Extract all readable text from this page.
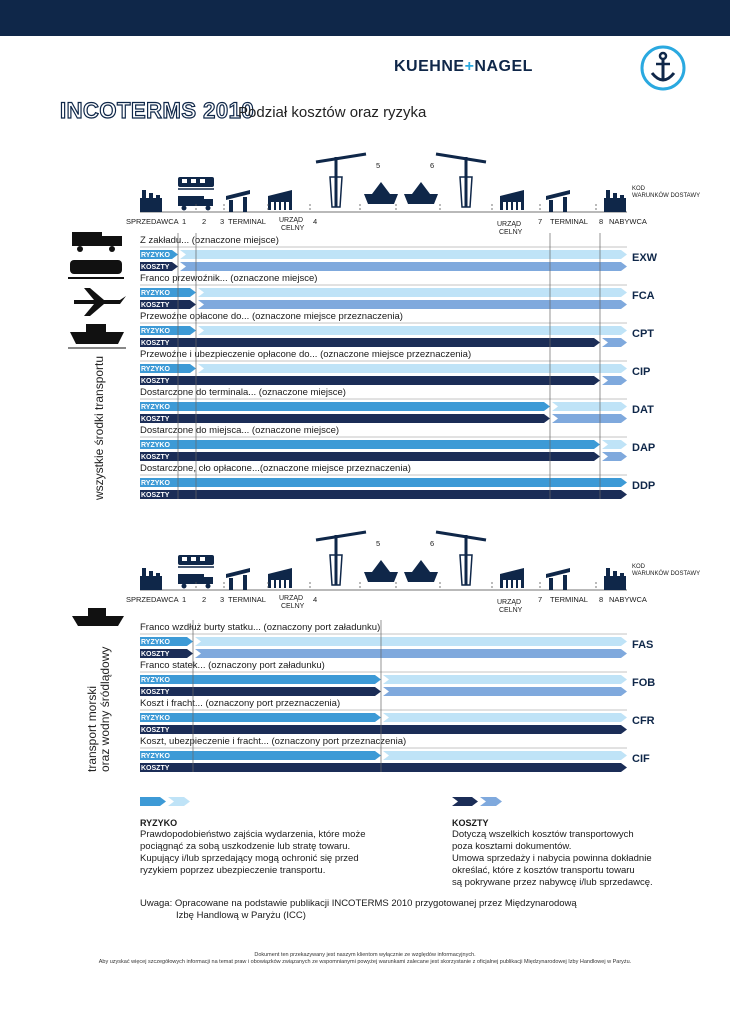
KUEHNE+NAGEL
INCOTERMS 2010
Podział kosztów oraz ryzyka
SPRZEDAWCA 1 2 3 TERMINAL URZĄD
CELNY
4
5	6
URZĄD
CELNY
7 TERMINAL 8 NABYWCA
KOD
WARUNKÓW DOSTAWY
Z zakładu... (oznaczone miejsce)
RYZYKO
KOSZTY
EXW
Franco przewoźnik... (oznaczone miejsce)
RYZYKO
KOSZTY
FCA
Przewoźne opłacone do... (oznaczone miejsce przeznaczenia)
RYZYKO
KOSZTY
CPT
Przewoźne i ubezpieczenie opłacone do... (oznaczone miejsce przeznaczenia)
RYZYKO
KOSZTY
CIP
Dostarczone do terminala... (oznaczone miejsce)
RYZYKO
KOSZTY
DAT
Dostarczone do miejsca... (oznaczone miejsce)
RYZYKO
KOSZTY
DAP
Dostarczone, cło opłacone...(oznaczone miejsce przeznaczenia)
RYZYKO
KOSZTY
DDP
SPRZEDAWCA 1 2 3 TERMINAL URZĄD
CELNY
4
5	6
URZĄD
CELNY
7 TERMINAL 8 NABYWCA
KOD
WARUNKÓW DOSTAWY
Franco wzdłuż burty statku... (oznaczony port załadunku)
RYZYKO
KOSZTY
FAS
Franco statek... (oznaczony port załadunku)
RYZYKO
KOSZTY
FOB
Koszt i fracht... (oznaczony port przeznaczenia)
RYZYKO
KOSZTY
CFR
Koszt, ubezpieczenie i fracht... (oznaczony port przeznaczenia)
RYZYKO
KOSZTY
CIF
wszystkie środki transportu
transport morski oraz wodny śródlądowy
RYZYKO
Prawdopodobieństwo zajścia wydarzenia, które może
pociągnąć za sobą uszkodzenie lub stratę towaru.
Kupujący i/lub sprzedający mogą ochronić się przed
ryzykiem poprzez ubezpieczenie transportu.
KOSZTY
Dotyczą wszelkich kosztów transportowych
poza kosztami dokumentów.
Umowa sprzedaży i nabycia powinna dokładnie
określać, które z kosztów transportu towaru
są pokrywane przez nabywcę i/lub sprzedawcę.
Uwaga: Opracowane na podstawie publikacji INCOTERMS 2010 przygotowanej przez Międzynarodową
Izbę Handlową w Paryżu (ICC)
Dokument ten przekazywany jest naszym klientom wyłącznie ze względów informacyjnych.
Aby uzyskać więcej szczegółowych informacji na temat praw i obowiązków związanych ze wspomnianymi powyżej warunkami zalecane jest skorzystanie z oficjalnej publikacji Międzynarodowej Izby Handlowej w Paryżu.
